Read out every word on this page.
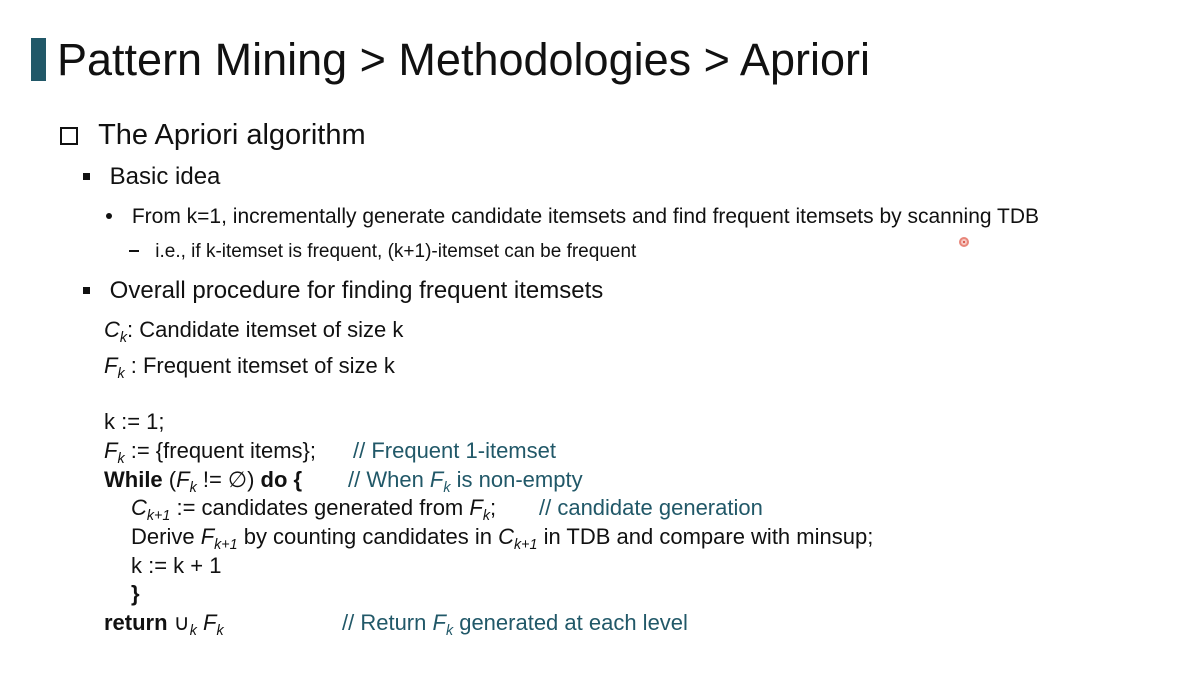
Pattern Mining > Methodologies > Apriori
The Apriori algorithm
Basic idea
From k=1, incrementally generate candidate itemsets and find frequent itemsets by scanning TDB
i.e., if k-itemset is frequent, (k+1)-itemset can be frequent
Overall procedure for finding frequent itemsets
$C_k$: Candidate itemset of size k
$F_k$ : Frequent itemset of size k
k := 1;
$F_k$ := {frequent items}; // Frequent 1-itemset
While ($F_k$ != ∅) do { // When $F_k$ is non-empty
$C_{k+1}$ := candidates generated from $F_k$; // candidate generation
Derive $F_{k+1}$ by counting candidates in $C_{k+1}$ in TDB and compare with minsup;
k := k + 1
}
return $\cup_k$ $F_k$	// Return $F_k$ generated at each level
